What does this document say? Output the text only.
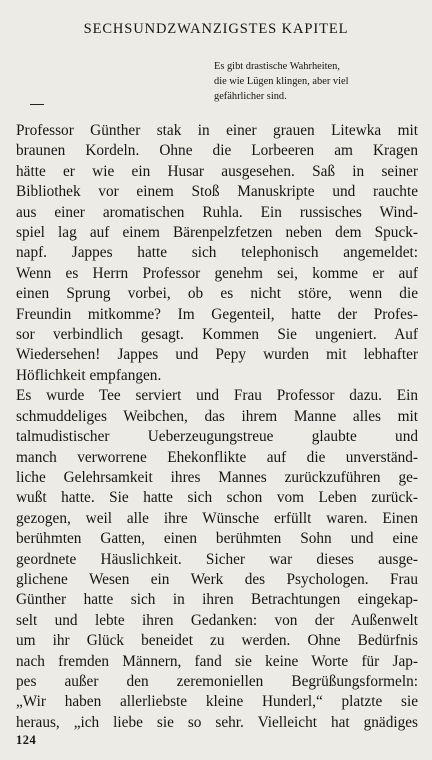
SECHSUNDZWANZIGSTES KAPITEL
Es gibt drastische Wahrheiten,
die wie Lügen klingen, aber viel
gefährlicher sind.
Professor Günther stak in einer grauen Litewka mit
braunen Kordeln. Ohne die Lorbeeren am Kragen
hätte er wie ein Husar ausgesehen. Saß in seiner
Bibliothek vor einem Stoß Manuskripte und rauchte
aus einer aromatischen Ruhla. Ein russisches Wind-
spiel lag auf einem Bärenpelzfetzen neben dem Spuck-
napf. Jappes hatte sich telephonisch angemeldet:
Wenn es Herrn Professor genehm sei, komme er auf
einen Sprung vorbei, ob es nicht störe, wenn die
Freundin mitkomme? Im Gegenteil, hatte der Profes-
sor verbindlich gesagt. Kommen Sie ungeniert. Auf
Wiedersehen! Jappes und Pepy wurden mit lebhafter
Höflichkeit empfangen.
Es wurde Tee serviert und Frau Professor dazu. Ein
schmuddeliges Weibchen, das ihrem Manne alles mit
talmudistischer Ueberzeugungstreue glaubte und
manch verworrene Ehekonflikte auf die unverständ-
liche Gelehrsamkeit ihres Mannes zurückzuführen ge-
wußt hatte. Sie hatte sich schon vom Leben zurück-
gezogen, weil alle ihre Wünsche erfüllt waren. Einen
berühmten Gatten, einen berühmten Sohn und eine
geordnete Häuslichkeit. Sicher war dieses ausge-
glichene Wesen ein Werk des Psychologen. Frau
Günther hatte sich in ihren Betrachtungen eingekap-
selt und lebte ihren Gedanken: von der Außenwelt
um ihr Glück beneidet zu werden. Ohne Bedürfnis
nach fremden Männern, fand sie keine Worte für Jap-
pes außer den zeremoniellen Begrüßungsformeln:
„Wir haben allerliebste kleine Hunderl,“ platzte sie
heraus, „ich liebe sie so sehr. Vielleicht hat gnädiges
124
